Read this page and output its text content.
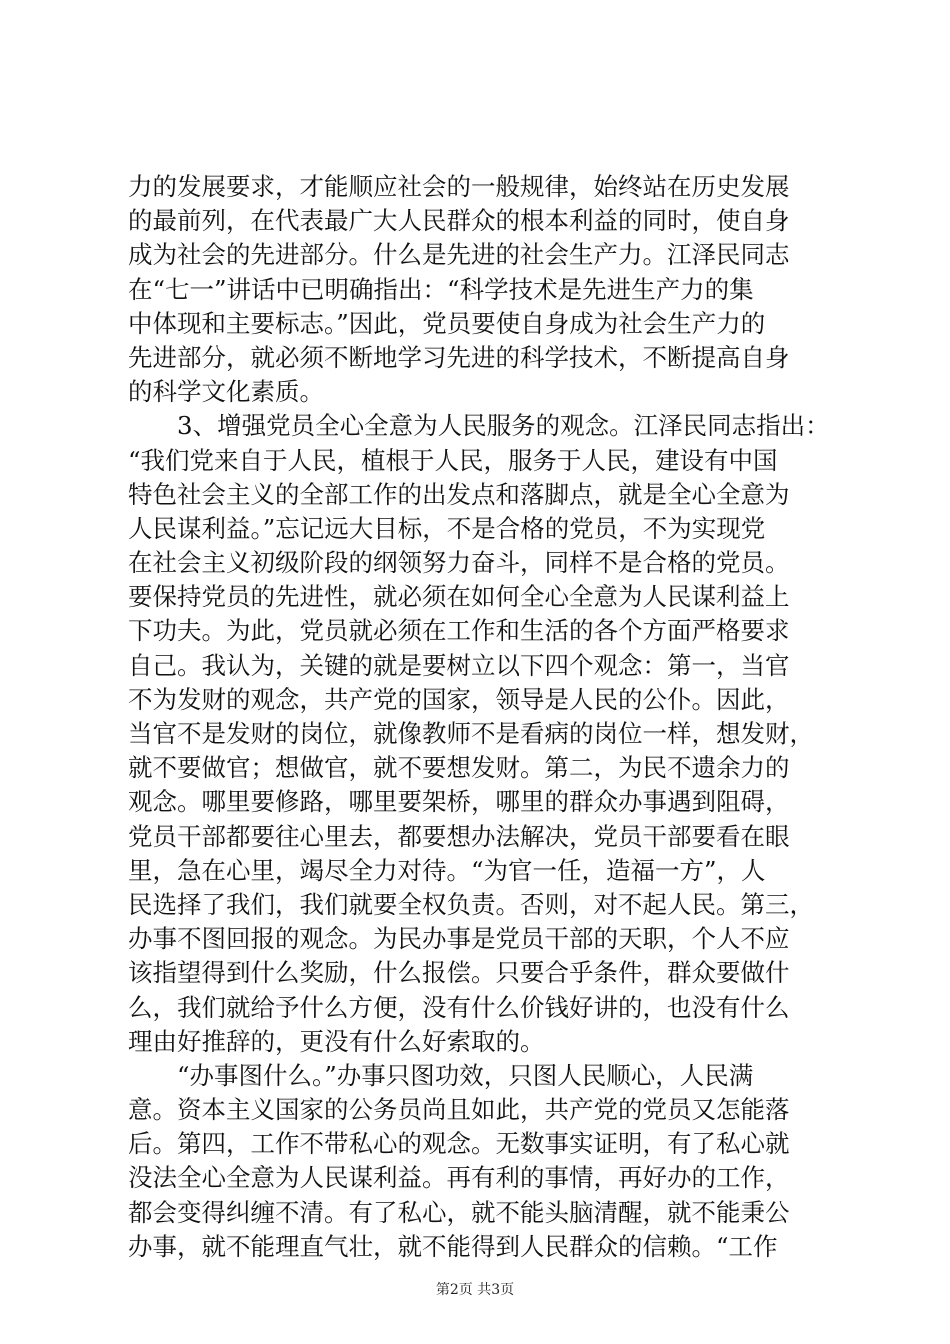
力的发展要求，才能顺应社会的一般规律，始终站在历史发展
的最前列，在代表最广大人民群众的根本利益的同时，使自身
成为社会的先进部分。什么是先进的社会生产力。江泽民同志
在“七一”讲话中已明确指出：“科学技术是先进生产力的集
中体现和主要标志。”因此，党员要使自身成为社会生产力的
先进部分，就必须不断地学习先进的科学技术，不断提高自身
的科学文化素质。
　　3、增强党员全心全意为人民服务的观念。江泽民同志指出：
“我们党来自于人民，植根于人民，服务于人民，建设有中国
特色社会主义的全部工作的出发点和落脚点，就是全心全意为
人民谋利益。”忘记远大目标，不是合格的党员，不为实现党
在社会主义初级阶段的纲领努力奋斗，同样不是合格的党员。
要保持党员的先进性，就必须在如何全心全意为人民谋利益上
下功夫。为此，党员就必须在工作和生活的各个方面严格要求
自己。我认为，关键的就是要树立以下四个观念：第一，当官
不为发财的观念，共产党的国家，领导是人民的公仆。因此，
当官不是发财的岗位，就像教师不是看病的岗位一样，想发财，
就不要做官；想做官，就不要想发财。第二，为民不遗余力的
观念。哪里要修路，哪里要架桥，哪里的群众办事遇到阻碍，
党员干部都要往心里去，都要想办法解决，党员干部要看在眼
里，急在心里，竭尽全力对待。“为官一任，造福一方”，人
民选择了我们，我们就要全权负责。否则，对不起人民。第三，
办事不图回报的观念。为民办事是党员干部的天职，个人不应
该指望得到什么奖励，什么报偿。只要合乎条件，群众要做什
么，我们就给予什么方便，没有什么价钱好讲的，也没有什么
理由好推辞的，更没有什么好索取的。
　　“办事图什么。”办事只图功效，只图人民顺心，人民满
意。资本主义国家的公务员尚且如此，共产党的党员又怎能落
后。第四，工作不带私心的观念。无数事实证明，有了私心就
没法全心全意为人民谋利益。再有利的事情，再好办的工作，
都会变得纠缠不清。有了私心，就不能头脑清醒，就不能秉公
办事，就不能理直气壮，就不能得到人民群众的信赖。“工作
第2页 共3页
